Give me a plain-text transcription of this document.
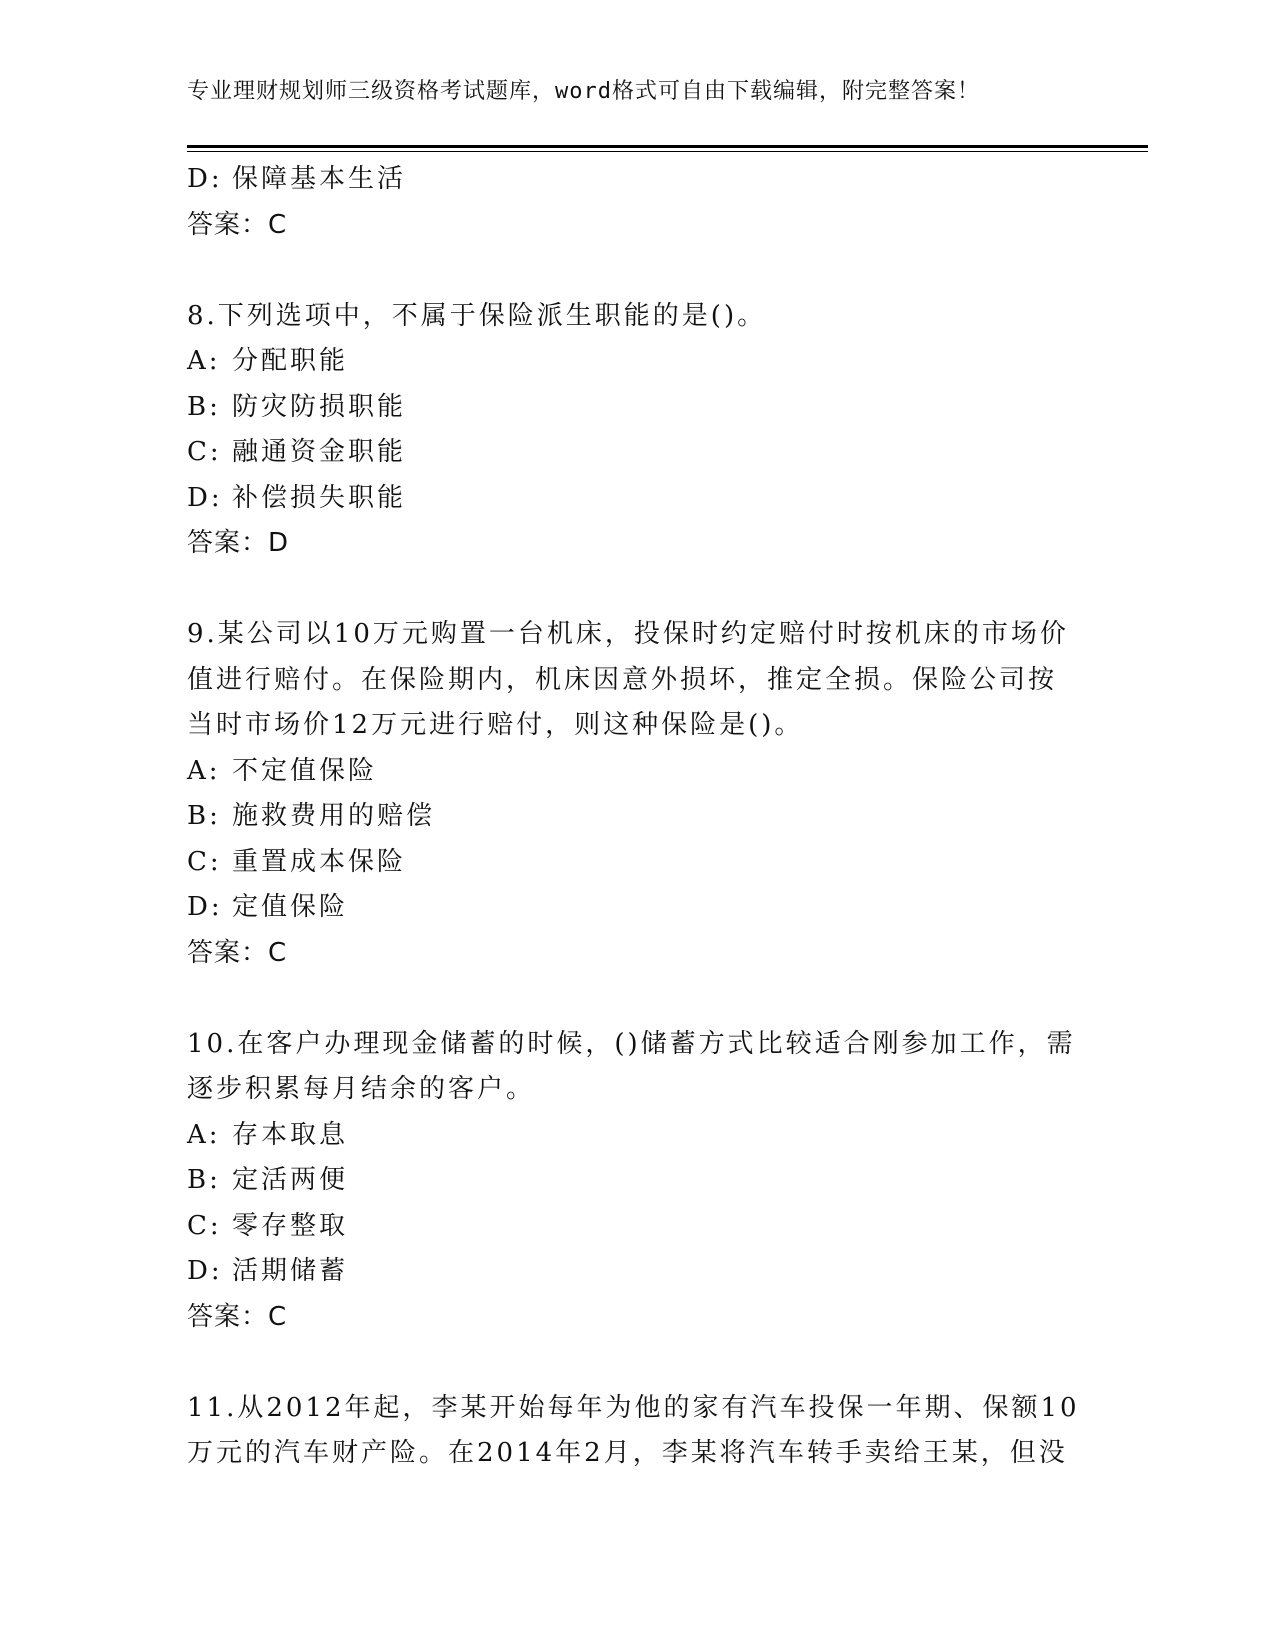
专业理财规划师三级资格考试题库，word格式可自由下载编辑，附完整答案！
D: 保障基本生活
答案：C
8.下列选项中，不属于保险派生职能的是()。
A: 分配职能
B: 防灾防损职能
C: 融通资金职能
D: 补偿损失职能
答案：D
9.某公司以10万元购置一台机床，投保时约定赔付时按机床的市场价
值进行赔付。在保险期内，机床因意外损坏，推定全损。保险公司按
当时市场价12万元进行赔付，则这种保险是()。
A: 不定值保险
B: 施救费用的赔偿
C: 重置成本保险
D: 定值保险
答案：C
10.在客户办理现金储蓄的时候，()储蓄方式比较适合刚参加工作，需
逐步积累每月结余的客户。
A: 存本取息
B: 定活两便
C: 零存整取
D: 活期储蓄
答案：C
11.从2012年起，李某开始每年为他的家有汽车投保一年期、保额10
万元的汽车财产险。在2014年2月，李某将汽车转手卖给王某，但没
